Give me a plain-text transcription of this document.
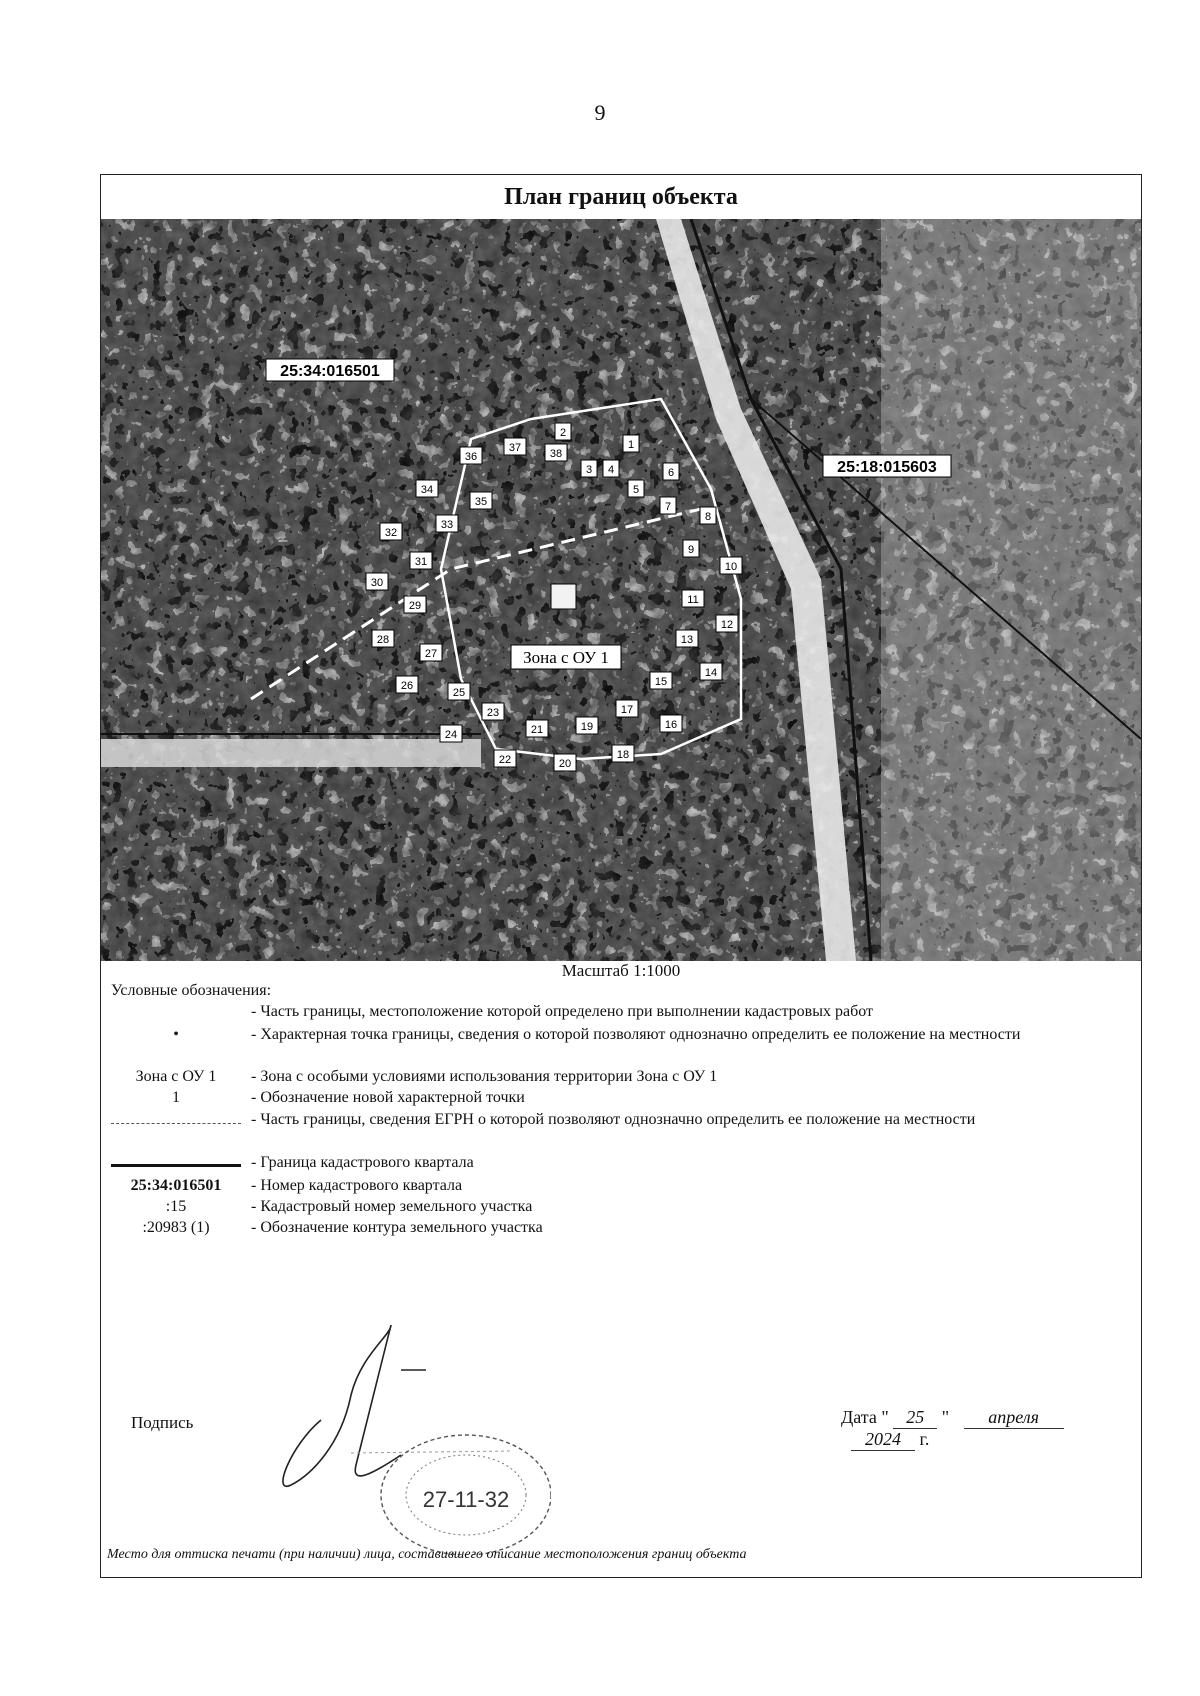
9
План границ объекта
25:34:016501
25:18:015603
Зона с ОУ 1
1
2
3 4
5
6
7
8
9
10
11
12
13
14
15
16
17
18
19
20
21
22
23
24
25
26
27
28
29
30
31
32
33
34
35
36
37	38
Масштаб 1:1000
Условные обозначения:
- Часть границы, местоположение которой определено при выполнении кадастровых работ
•	- Характерная точка границы, сведения о которой позволяют однозначно определить ее положение на местности
Зона с ОУ 1	- Зона с особыми условиями использования территории Зона с ОУ 1
1	- Обозначение новой характерной точки
- Часть границы, сведения ЕГРН о которой позволяют однозначно определить ее положение на местности
- Граница кадастрового квартала
25:34:016501	- Номер кадастрового квартала
:15	- Кадастровый номер земельного участка
:20983 (1)	- Обозначение контура земельного участка
Подпись
27-11-32
Дата " 25 " апреля 2024 г.
Место для оттиска печати (при наличии) лица, составившего описание местоположения границ объекта
